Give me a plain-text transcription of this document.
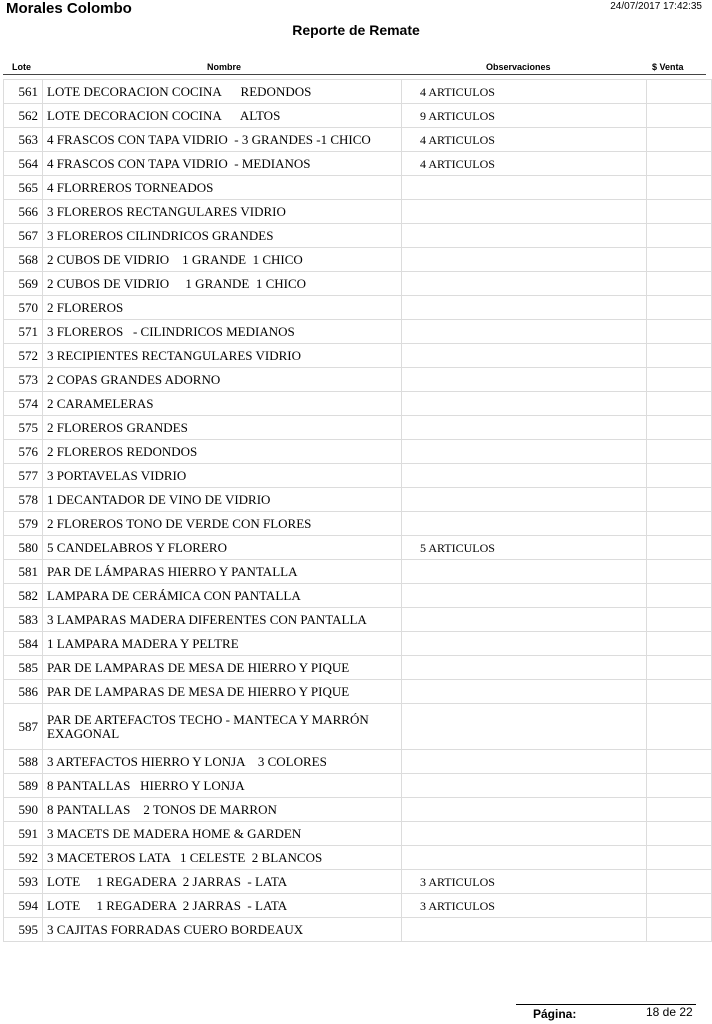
Morales Colombo	24/07/2017 17:42:35
Reporte de Remate
Lote	Nombre	Observaciones	$ Venta
561	LOTE DECORACION COCINA      REDONDOS	4 ARTICULOS	
562	LOTE DECORACION COCINA      ALTOS	9 ARTICULOS	
563	4 FRASCOS CON TAPA VIDRIO  - 3 GRANDES -1 CHICO	4 ARTICULOS	
564	4 FRASCOS CON TAPA VIDRIO  - MEDIANOS	4 ARTICULOS	
565	4 FLORREROS TORNEADOS		
566	3 FLOREROS RECTANGULARES VIDRIO		
567	3 FLOREROS CILINDRICOS GRANDES		
568	2 CUBOS DE VIDRIO    1 GRANDE  1 CHICO		
569	2 CUBOS DE VIDRIO     1 GRANDE  1 CHICO		
570	2 FLOREROS		
571	3 FLOREROS   - CILINDRICOS MEDIANOS		
572	3 RECIPIENTES RECTANGULARES VIDRIO		
573	2 COPAS GRANDES ADORNO		
574	2 CARAMELERAS		
575	2 FLOREROS GRANDES		
576	2 FLOREROS REDONDOS		
577	3 PORTAVELAS VIDRIO		
578	1 DECANTADOR DE VINO DE VIDRIO		
579	2 FLOREROS TONO DE VERDE CON FLORES		
580	5 CANDELABROS Y FLORERO	5 ARTICULOS	
581	PAR DE LÁMPARAS HIERRO Y PANTALLA		
582	LAMPARA DE CERÁMICA CON PANTALLA		
583	3 LAMPARAS MADERA DIFERENTES CON PANTALLA		
584	1 LAMPARA MADERA Y PELTRE		
585	PAR DE LAMPARAS DE MESA DE HIERRO Y PIQUE		
586	PAR DE LAMPARAS DE MESA DE HIERRO Y PIQUE		
587	PAR DE ARTEFACTOS TECHO - MANTECA Y MARRÓN EXAGONAL		
588	3 ARTEFACTOS HIERRO Y LONJA    3 COLORES		
589	8 PANTALLAS   HIERRO Y LONJA		
590	8 PANTALLAS    2 TONOS DE MARRON		
591	3 MACETS DE MADERA HOME & GARDEN		
592	3 MACETEROS LATA   1 CELESTE  2 BLANCOS		
593	LOTE     1 REGADERA  2 JARRAS  - LATA	3 ARTICULOS	
594	LOTE     1 REGADERA  2 JARRAS  - LATA	3 ARTICULOS	
595	3 CAJITAS FORRADAS CUERO BORDEAUX		
Página:	18 de 22
